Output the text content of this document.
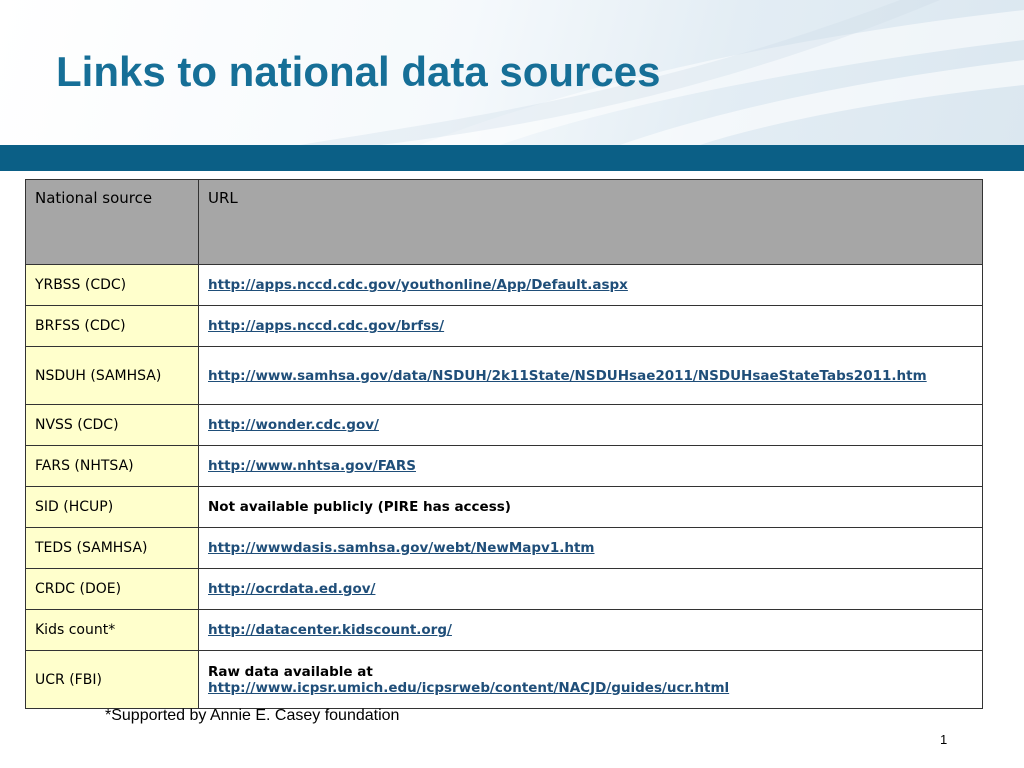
Links to national data sources
National source	URL
YRBSS (CDC)	http://apps.nccd.cdc.gov/youthonline/App/Default.aspx
BRFSS (CDC)	http://apps.nccd.cdc.gov/brfss/
NSDUH (SAMHSA)	http://www.samhsa.gov/data/NSDUH/2k11State/NSDUHsae2011/NSDUHsaeStateTabs2011.htm
NVSS (CDC)	http://wonder.cdc.gov/
FARS (NHTSA)	http://www.nhtsa.gov/FARS
SID (HCUP)	Not available publicly (PIRE has access)
TEDS (SAMHSA)	http://wwwdasis.samhsa.gov/webt/NewMapv1.htm
CRDC (DOE)	http://ocrdata.ed.gov/
Kids count*	http://datacenter.kidscount.org/
UCR (FBI)	Raw data available at
http://www.icpsr.umich.edu/icpsrweb/content/NACJD/guides/ucr.html
*Supported by Annie E. Casey foundation
1
